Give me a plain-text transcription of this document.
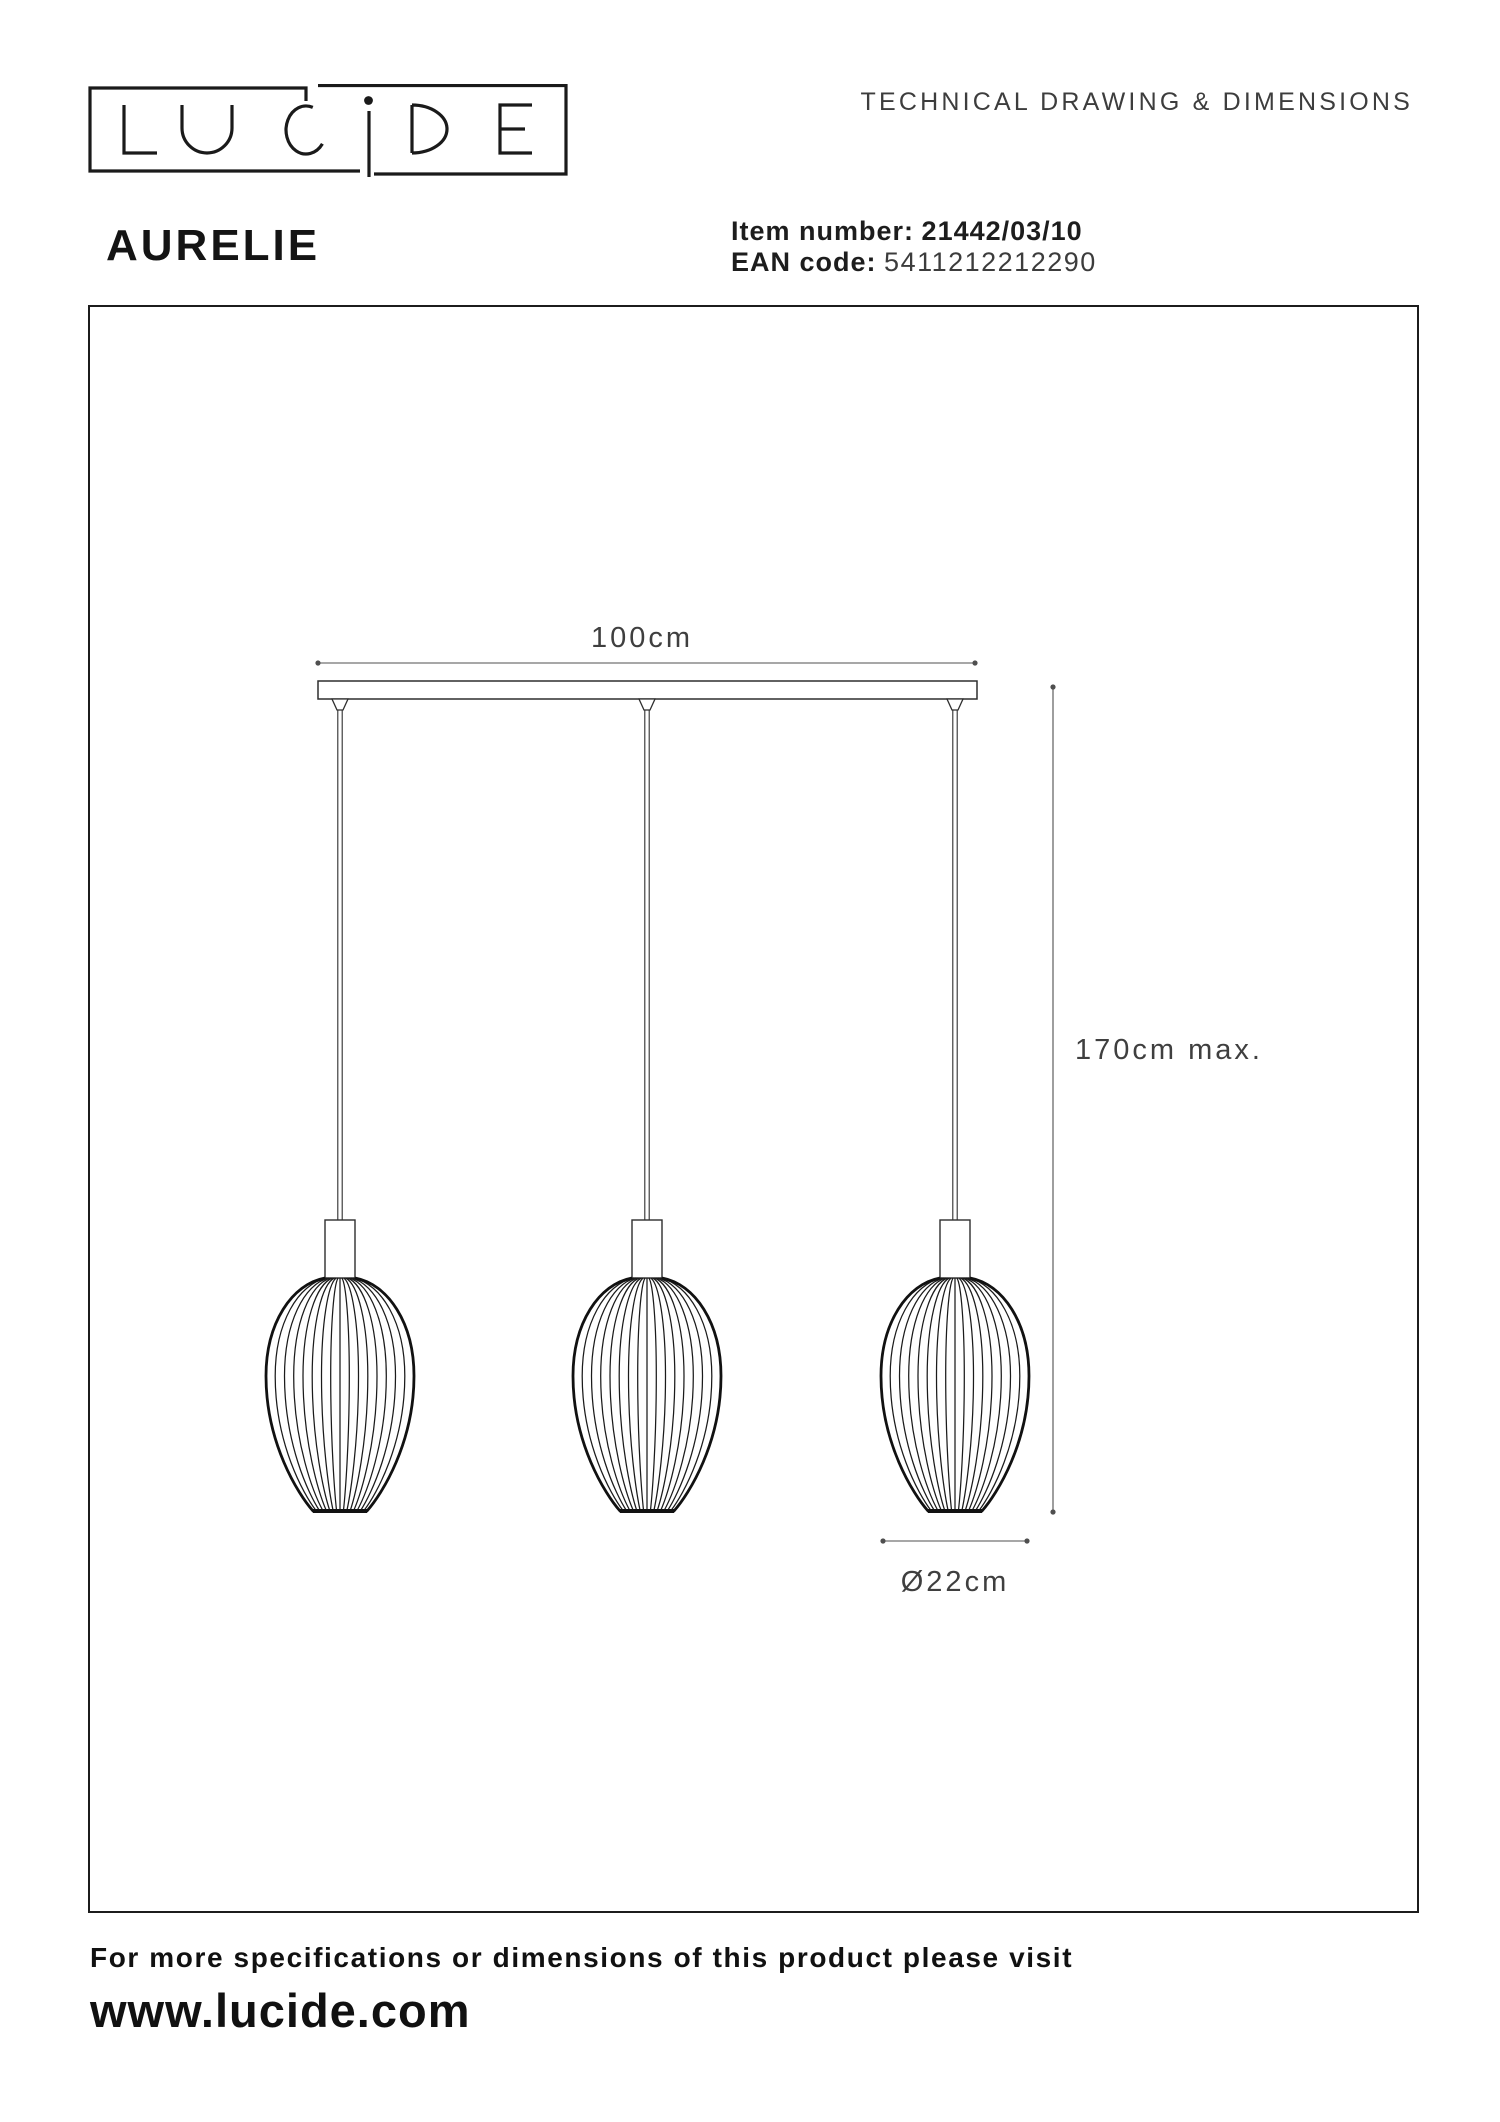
TECHNICAL DRAWING & DIMENSIONS
AURELIE	Item number: 21442/03/10
EAN code: 5411212212290
100cm
170cm max.
Ø22cm
For more specifications or dimensions of this product please visit
www.lucide.com
